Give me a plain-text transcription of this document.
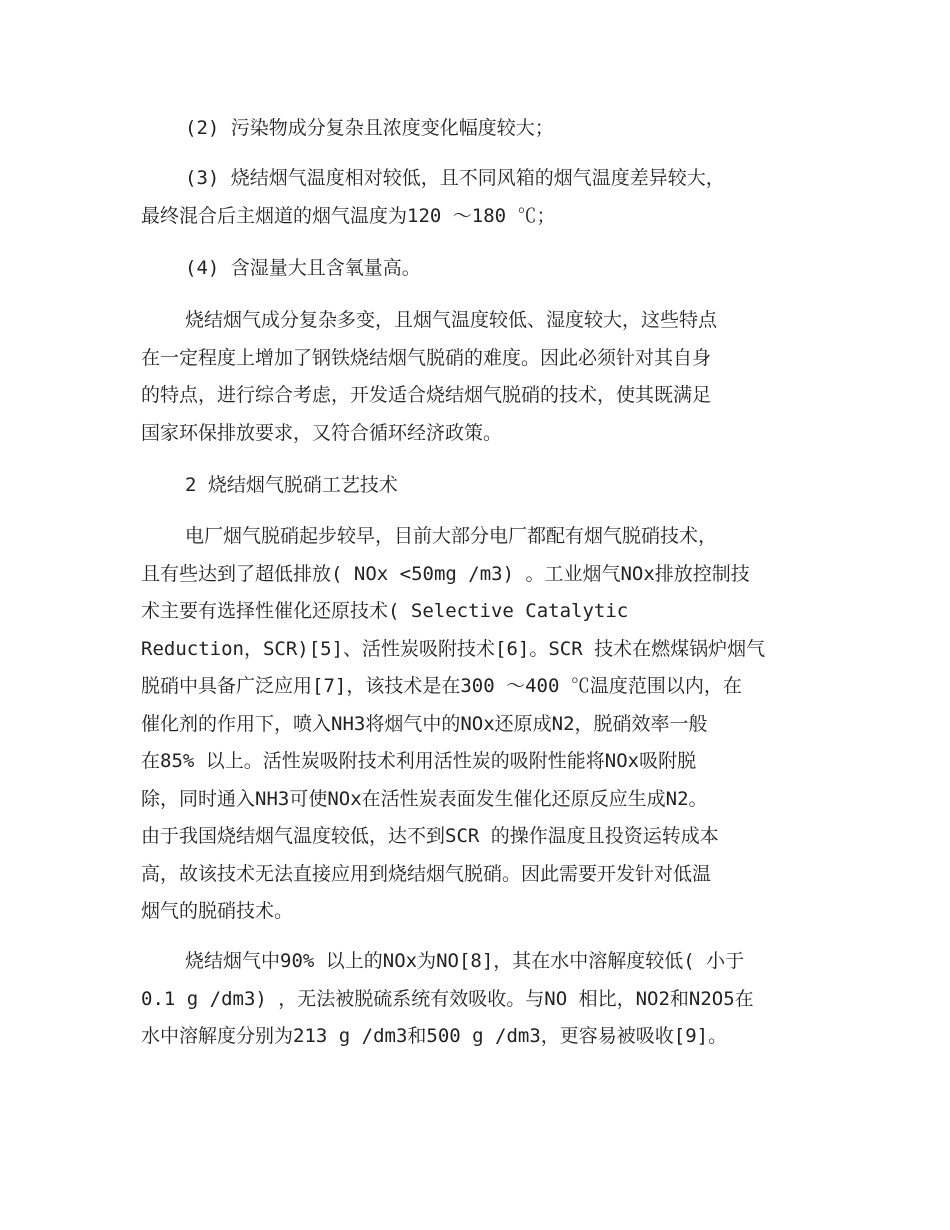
(2) 污染物成分复杂且浓度变化幅度较大；
(3) 烧结烟气温度相对较低，且不同风箱的烟气温度差异较大，
最终混合后主烟道的烟气温度为120 ～180 ℃；
(4) 含湿量大且含氧量高。
烧结烟气成分复杂多变，且烟气温度较低、湿度较大，这些特点
在一定程度上增加了钢铁烧结烟气脱硝的难度。因此必须针对其自身
的特点，进行综合考虑，开发适合烧结烟气脱硝的技术，使其既满足
国家环保排放要求，又符合循环经济政策。
2 烧结烟气脱硝工艺技术
电厂烟气脱硝起步较早，目前大部分电厂都配有烟气脱硝技术，
且有些达到了超低排放( NOx <50mg /m3) 。工业烟气NOx排放控制技
术主要有选择性催化还原技术( Selective Catalytic
Reduction，SCR)[5]、活性炭吸附技术[6]。SCR 技术在燃煤锅炉烟气
脱硝中具备广泛应用[7]，该技术是在300 ～400 ℃温度范围以内，在
催化剂的作用下，喷入NH3将烟气中的NOx还原成N2，脱硝效率一般
在85% 以上。活性炭吸附技术利用活性炭的吸附性能将NOx吸附脱
除，同时通入NH3可使NOx在活性炭表面发生催化还原反应生成N2。
由于我国烧结烟气温度较低，达不到SCR 的操作温度且投资运转成本
高，故该技术无法直接应用到烧结烟气脱硝。因此需要开发针对低温
烟气的脱硝技术。
烧结烟气中90% 以上的NOx为NO[8]，其在水中溶解度较低( 小于
0.1 g /dm3) ，无法被脱硫系统有效吸收。与NO 相比，NO2和N2O5在
水中溶解度分别为213 g /dm3和500 g /dm3，更容易被吸收[9]。
